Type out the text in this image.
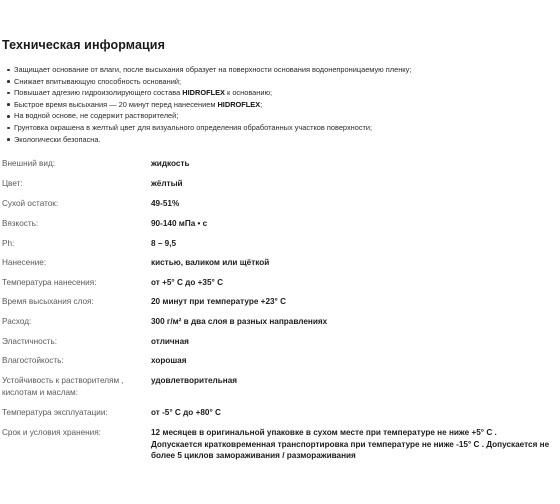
Техническая информация
Защищает основание от влаги, после высыхания образует на поверхности основания водонепроницаемую пленку;
Снижает впитывающую способность оснований;
Повышает адгезию гидроизолирующего состава HIDROFLEX к основанию;
Быстрое время высыхания — 20 минут перед нанесением HIDROFLEX;
На водной основе, не содержит растворителей;
Грунтовка окрашена в желтый цвет для визуального определения обработанных участков поверхности;
Экологически безопасна.
Внешний вид:	жидкость
Цвет:	жёлтый
Сухой остаток:	49-51%
Вязкость:	90-140 мПа • с
Ph:	8 – 9,5
Нанесение:	кистью, валиком или щёткой
Температура нанесения:	от +5° С до +35° С
Время высыхания слоя:	20 минут при температуре +23° С
Расход:	300 г/м² в два слоя в разных направлениях
Эластичность:	отличная
Влагостойкость:	хорошая
Устойчивость к растворителям ,
кислотам и маслам:
удовлетворительная
Температура эксплуатации:	от -5° С до +80° С
Срок и условия хранения:	12 месяцев в оригинальной упаковке в сухом месте при температуре не ниже +5° С .
Допускается кратковременная транспортировка при температуре не ниже -15° С . Допускается не
более 5 циклов замораживания / размораживания
